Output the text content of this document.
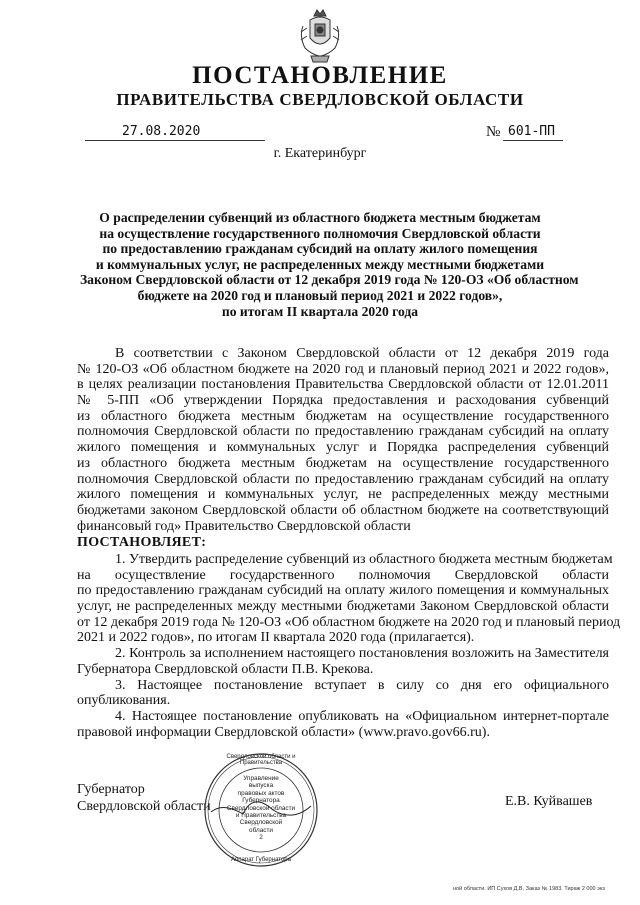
ПОСТАНОВЛЕНИЕ
ПРАВИТЕЛЬСТВА СВЕРДЛОВСКОЙ ОБЛАСТИ
27.08.2020	№ 601-ПП
г. Екатеринбург
О распределении субвенций из областного бюджета местным бюджетам
на осуществление государственного полномочия Свердловской области
по предоставлению гражданам субсидий на оплату жилого помещения
и коммунальных услуг, не распределенных между местными бюджетами
Законом Свердловской области от 12 декабря 2019 года № 120-ОЗ «Об областном
бюджете на 2020 год и плановый период 2021 и 2022 годов»,
по итогам II квартала 2020 года
В соответствии с Законом Свердловской области от 12 декабря 2019 года
№ 120-ОЗ «Об областном бюджете на 2020 год и плановый период 2021 и 2022 годов»,
в целях реализации постановления Правительства Свердловской области от 12.01.2011
№ 5-ПП «Об утверждении Порядка предоставления и расходования субвенций
из областного бюджета местным бюджетам на осуществление государственного
полномочия Свердловской области по предоставлению гражданам субсидий на оплату
жилого помещения и коммунальных услуг и Порядка распределения субвенций
из областного бюджета местным бюджетам на осуществление государственного
полномочия Свердловской области по предоставлению гражданам субсидий на оплату
жилого помещения и коммунальных услуг, не распределенных между местными
бюджетами законом Свердловской области об областном бюджете на соответствующий
финансовый год» Правительство Свердловской области
ПОСТАНОВЛЯЕТ:
1. Утвердить распределение субвенций из областного бюджета местным бюджетам
на осуществление государственного полномочия Свердловской области
по предоставлению гражданам субсидий на оплату жилого помещения и коммунальных
услуг, не распределенных между местными бюджетами Законом Свердловской области
от 12 декабря 2019 года № 120-ОЗ «Об областном бюджете на 2020 год и плановый период
2021 и 2022 годов», по итогам II квартала 2020 года (прилагается).
2. Контроль за исполнением настоящего постановления возложить на Заместителя
Губернатора Свердловской области П.В. Крекова.
3. Настоящее постановление вступает в силу со дня его официального
опубликования.
4. Настоящее постановление опубликовать на «Официальном интернет-портале
правовой информации Свердловской области» (www.pravo.gov66.ru).
Губернатор
Свердловской области	Е.В. Куйвашев
Свердловской области и Правительства
Управление
выпуска
правовых актов
Губернатора
Свердловской области
и Правительства
Свердловской
области
2
Аппарат Губернатора
ной области. ИП Сухов Д.В. Заказ № 1983. Тираж 2 000 экз
